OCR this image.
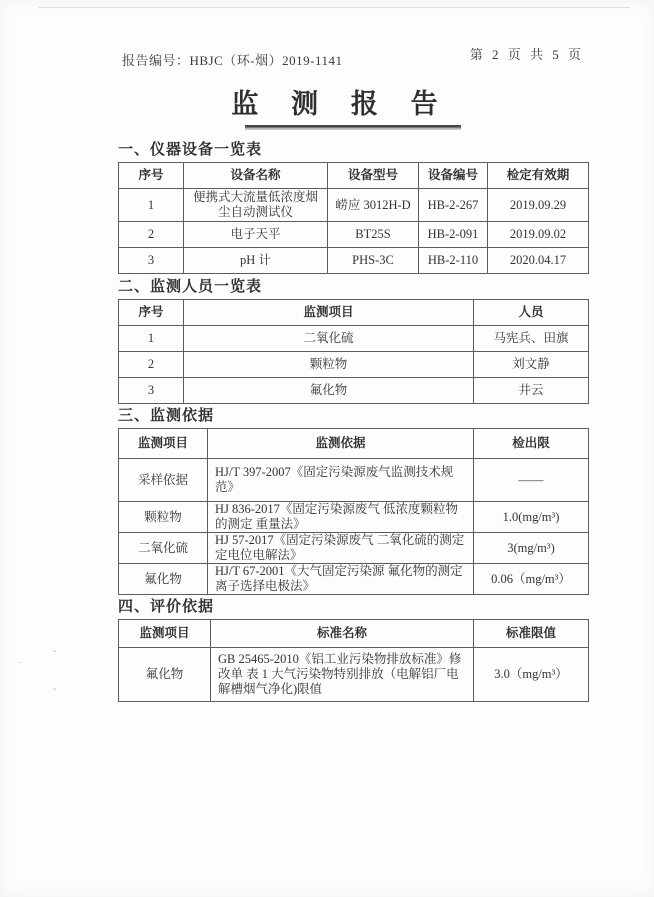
报告编号：HBJC（环-烟）2019-1141	第 2 页 共 5 页
监 测 报 告
一、仪器设备一览表
序号	设备名称	设备型号	设备编号	检定有效期
1	便携式大流量低浓度烟尘自动测试仪	崂应 3012H-D	HB-2-267	2019.09.29
2	电子天平	BT25S	HB-2-091	2019.09.02
3	pH 计	PHS-3C	HB-2-110	2020.04.17
二、监测人员一览表
序号	监测项目	人员
1	二氧化硫	马宪兵、田旗
2	颗粒物	刘文静
3	氟化物	井云
三、监测依据
监测项目	监测依据	检出限
采样依据	HJ/T 397-2007《固定污染源废气监测技术规范》	——
颗粒物	HJ 836-2017《固定污染源废气 低浓度颗粒物的测定 重量法》	1.0(mg/m³)
二氧化硫	HJ 57-2017《固定污染源废气 二氧化硫的测定 定电位电解法》	3(mg/m³)
氟化物	HJ/T 67-2001《大气固定污染源 氟化物的测定 离子选择电极法》	0.06（mg/m³）
四、评价依据
监测项目	标准名称	标准限值
氟化物	GB 25465-2010《铝工业污染物排放标准》修改单 表 1 大气污染物特别排放（电解铝厂电解槽烟气净化)限值	3.0（mg/m³）
